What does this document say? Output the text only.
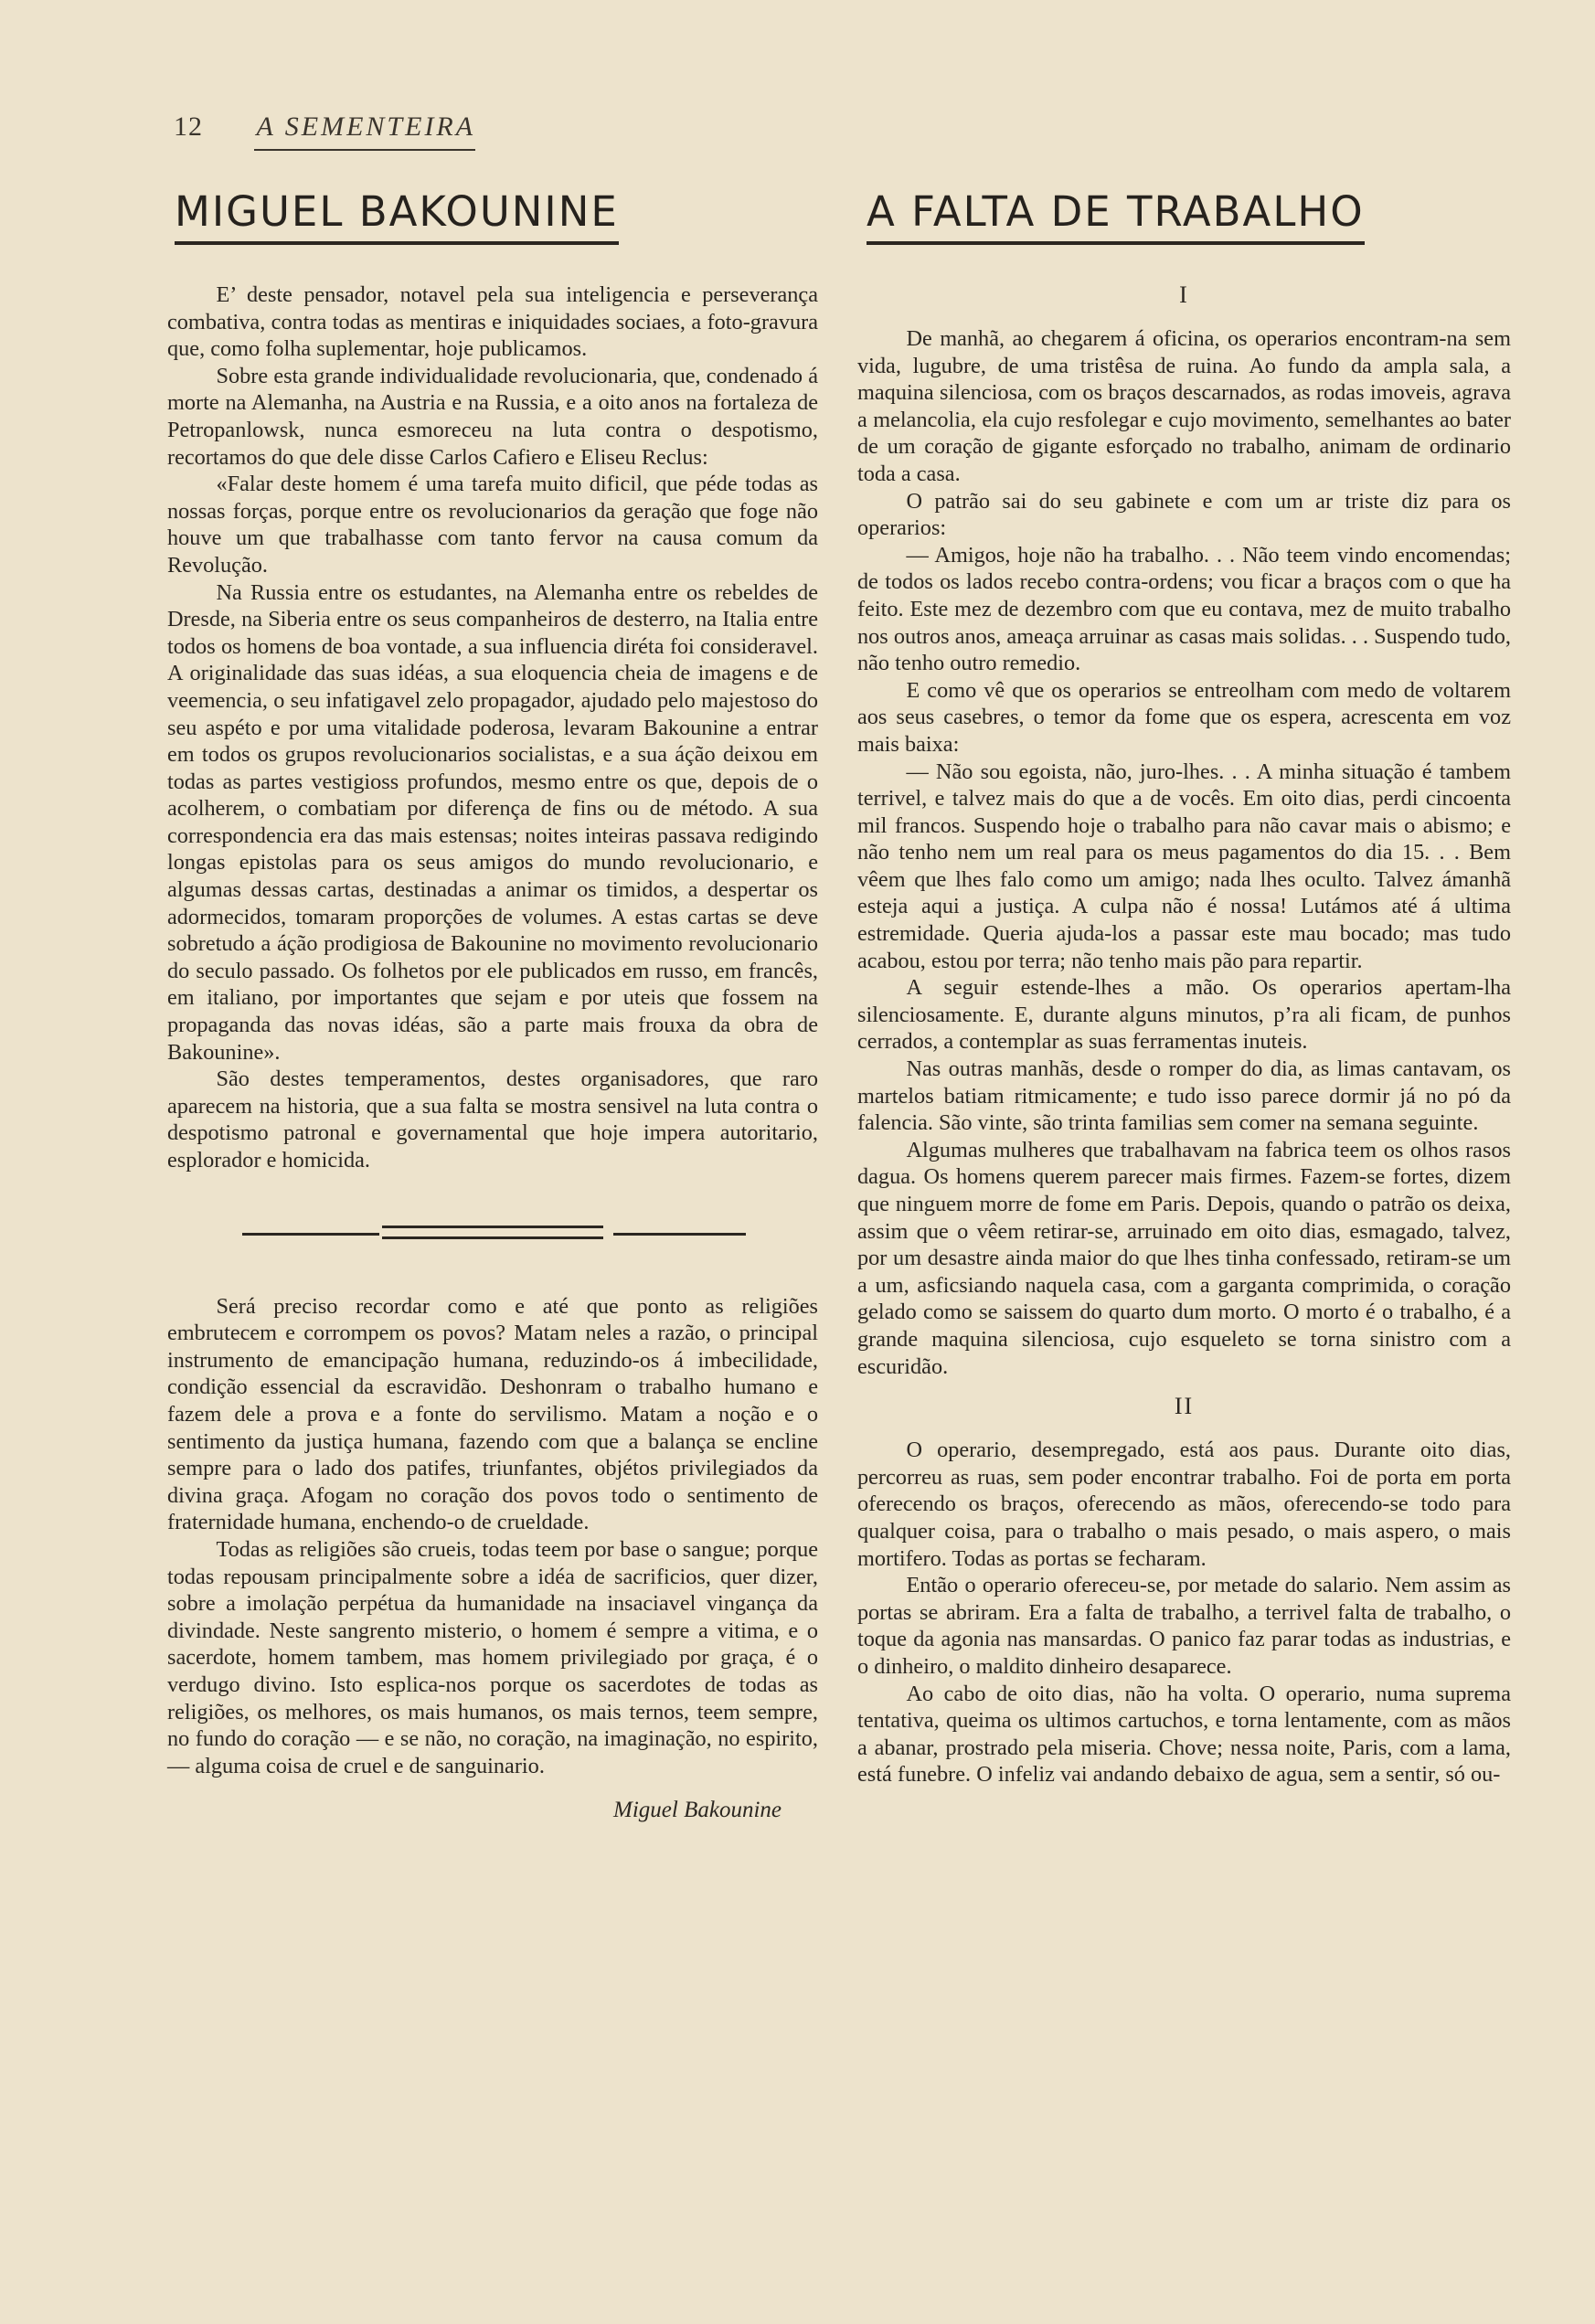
12 A SEMENTEIRA
MIGUEL BAKOUNINE

E’ deste pensador, notavel pela sua inteligencia e perseverança combativa, contra todas as mentiras e iniquidades sociaes, a foto-gravura que, como folha suplementar, hoje publicamos.

Sobre esta grande individualidade revolucionaria, que, condenado á morte na Alemanha, na Austria e na Russia, e a oito anos na fortaleza de Petropanlowsk, nunca esmoreceu na luta contra o despotismo, recortamos do que dele disse Carlos Cafiero e Eliseu Reclus:

«Falar deste homem é uma tarefa muito dificil, que péde todas as nossas forças, porque entre os revolucionarios da geração que foge não houve um que trabalhasse com tanto fervor na causa comum da Revolução.

Na Russia entre os estudantes, na Alemanha entre os rebeldes de Dresde, na Siberia entre os seus companheiros de desterro, na Italia entre todos os homens de boa vontade, a sua influencia diréta foi consideravel. A originalidade das suas idéas, a sua eloquencia cheia de imagens e de veemencia, o seu infatigavel zelo propagador, ajudado pelo majestoso do seu aspéto e por uma vitalidade poderosa, levaram Bakounine a entrar em todos os grupos revolucionarios socialistas, e a sua áção deixou em todas as partes vestigioss profundos, mesmo entre os que, depois de o acolherem, o combatiam por diferença de fins ou de método. A sua correspondencia era das mais estensas; noites inteiras passava redigindo longas epistolas para os seus amigos do mundo revolucionario, e algumas dessas cartas, destinadas a animar os timidos, a despertar os adormecidos, tomaram proporções de volumes. A estas cartas se deve sobretudo a áção prodigiosa de Bakounine no movimento revolucionario do seculo passado. Os folhetos por ele publicados em russo, em francês, em italiano, por importantes que sejam e por uteis que fossem na propaganda das novas idéas, são a parte mais frouxa da obra de Bakounine».

São destes temperamentos, destes organisadores, que raro aparecem na historia, que a sua falta se mostra sensivel na luta contra o despotismo patronal e governamental que hoje impera autoritario, esplorador e homicida.

Será preciso recordar como e até que ponto as religiões embrutecem e corrompem os povos? Matam neles a razão, o principal instrumento de emancipação humana, reduzindo-os á imbecilidade, condição essencial da escravidão. Deshonram o trabalho humano e fazem dele a prova e a fonte do servilismo. Matam a noção e o sentimento da justiça humana, fazendo com que a balança se encline sempre para o lado dos patifes, triunfantes, objétos privilegiados da divina graça. Afogam no coração dos povos todo o sentimento de fraternidade humana, enchendo-o de crueldade.

Todas as religiões são crueis, todas teem por base o sangue; porque todas repousam principalmente sobre a idéa de sacrificios, quer dizer, sobre a imolação perpétua da humanidade na insaciavel vingança da divindade. Neste sangrento misterio, o homem é sempre a vitima, e o sacerdote, homem tambem, mas homem privilegiado por graça, é o verdugo divino. Isto esplica-nos porque os sacerdotes de todas as religiões, os melhores, os mais humanos, os mais ternos, teem sempre, no fundo do coração — e se não, no coração, na imaginação, no espirito, — alguma coisa de cruel e de sanguinario.

Miguel Bakounine
A FALTA DE TRABALHO
I

De manhã, ao chegarem á oficina, os operarios encontram-na sem vida, lugubre, de uma tristêsa de ruina. Ao fundo da ampla sala, a maquina silenciosa, com os braços descarnados, as rodas imoveis, agrava a melancolia, ela cujo resfolegar e cujo movimento, semelhantes ao bater de um coração de gigante esforçado no trabalho, animam de ordinario toda a casa.

O patrão sai do seu gabinete e com um ar triste diz para os operarios:

— Amigos, hoje não ha trabalho. . . Não teem vindo encomendas; de todos os lados recebo contra-ordens; vou ficar a braços com o que ha feito. Este mez de dezembro com que eu contava, mez de muito trabalho nos outros anos, ameaça arruinar as casas mais solidas. . . Suspendo tudo, não tenho outro remedio.

E como vê que os operarios se entreolham com medo de voltarem aos seus casebres, o temor da fome que os espera, acrescenta em voz mais baixa:

— Não sou egoista, não, juro-lhes. . . A minha situação é tambem terrivel, e talvez mais do que a de vocês. Em oito dias, perdi cincoenta mil francos. Suspendo hoje o trabalho para não cavar mais o abismo; e não tenho nem um real para os meus pagamentos do dia 15. . . Bem vêem que lhes falo como um amigo; nada lhes oculto. Talvez ámanhã esteja aqui a justiça. A culpa não é nossa! Lutámos até á ultima estremidade. Queria ajuda-los a passar este mau bocado; mas tudo acabou, estou por terra; não tenho mais pão para repartir.

A seguir estende-lhes a mão. Os operarios apertam-lha silenciosamente. E, durante alguns minutos, p’ra ali ficam, de punhos cerrados, a contemplar as suas ferramentas inuteis.

Nas outras manhãs, desde o romper do dia, as limas cantavam, os martelos batiam ritmicamente; e tudo isso parece dormir já no pó da falencia. São vinte, são trinta familias sem comer na semana seguinte.

Algumas mulheres que trabalhavam na fabrica teem os olhos rasos dagua. Os homens querem parecer mais firmes. Fazem-se fortes, dizem que ninguem morre de fome em Paris. Depois, quando o patrão os deixa, assim que o vêem retirar-se, arruinado em oito dias, esmagado, talvez, por um desastre ainda maior do que lhes tinha confessado, retiram-se um a um, asficsiando naquela casa, com a garganta comprimida, o coração gelado como se saissem do quarto dum morto. O morto é o trabalho, é a grande maquina silenciosa, cujo esqueleto se torna sinistro com a escuridão.

II

O operario, desempregado, está aos paus. Durante oito dias, percorreu as ruas, sem poder encontrar trabalho. Foi de porta em porta oferecendo os braços, oferecendo as mãos, oferecendo-se todo para qualquer coisa, para o trabalho o mais pesado, o mais aspero, o mais mortifero. Todas as portas se fecharam.

Então o operario ofereceu-se, por metade do salario. Nem assim as portas se abriram. Era a falta de trabalho, a terrivel falta de trabalho, o toque da agonia nas mansardas. O panico faz parar todas as industrias, e o dinheiro, o maldito dinheiro desaparece.

Ao cabo de oito dias, não ha volta. O operario, numa suprema tentativa, queima os ultimos cartuchos, e torna lentamente, com as mãos a abanar, prostrado pela miseria. Chove; nessa noite, Paris, com a lama, está funebre. O infeliz vai andando debaixo de agua, sem a sentir, só ou-
